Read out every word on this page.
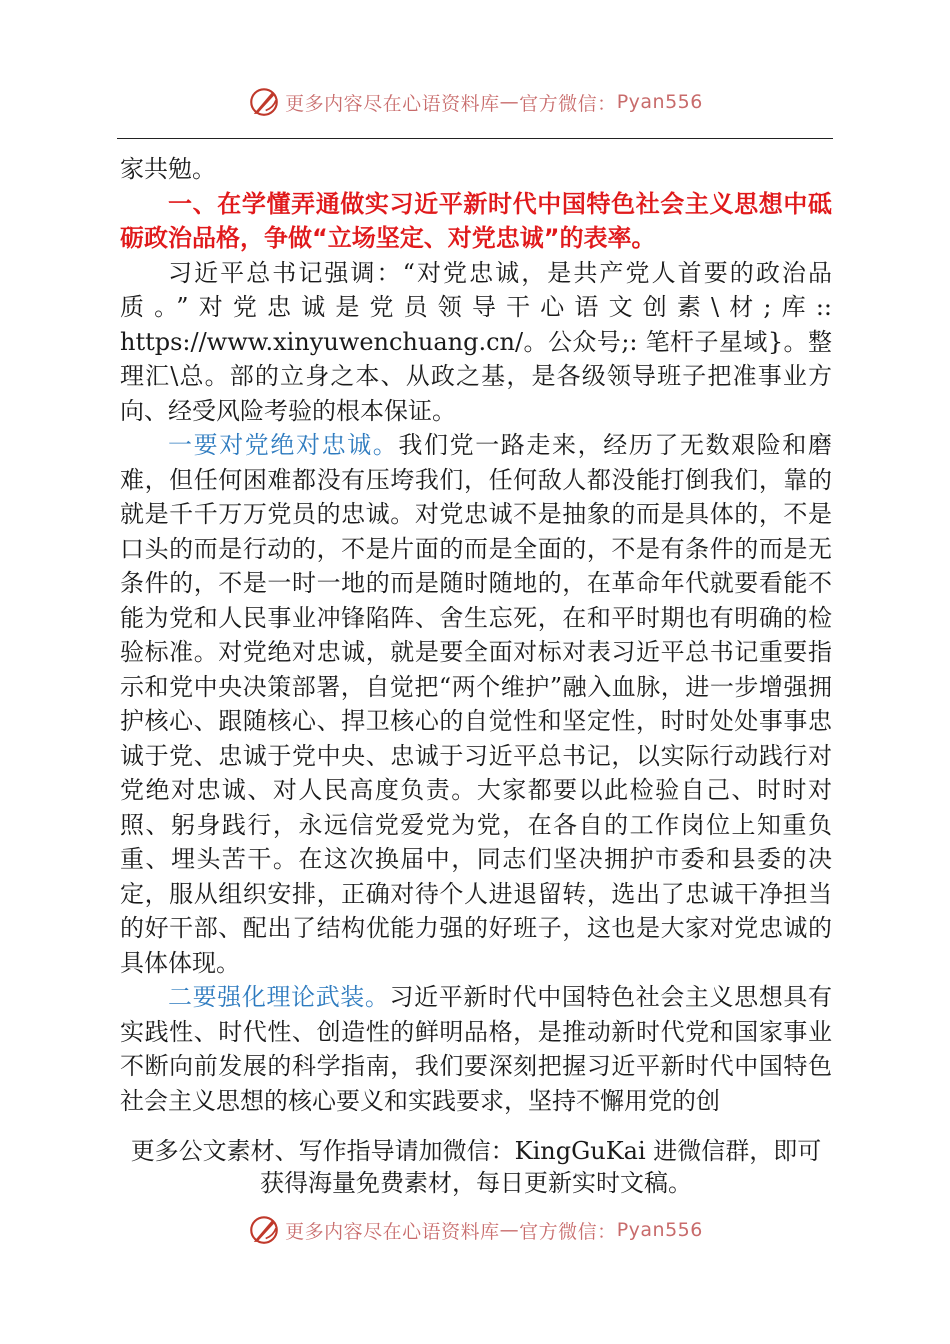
更多内容尽在心语资料库 — 官方微信： Pyan556

家共勉。

一、在学懂弄通做实习近平新时代中国特色社会主义思想中砥砺政治品格，争做“立场坚定、对党忠诚”的表率。

习近平总书记强调：“对党忠诚，是共产党人首要的政治品质。”对党忠诚是党员领导干心语文创素\材;库:: https://www.xinyuwenchuang.cn/。公众号;: 笔杆子星域}。整理汇\总。部的立身之本、从政之基，是各级领导班子把准事业方向、经受风险考验的根本保证。

一要对党绝对忠诚。我们党一路走来，经历了无数艰险和磨难，但任何困难都没有压垮我们，任何敌人都没能打倒我们，靠的就是千千万万党员的忠诚。对党忠诚不是抽象的而是具体的，不是口头的而是行动的，不是片面的而是全面的，不是有条件的而是无条件的，不是一时一地的而是随时随地的，在革命年代就要看能不能为党和人民事业冲锋陷阵、舍生忘死，在和平时期也有明确的检验标准。对党绝对忠诚，就是要全面对标对表习近平总书记重要指示和党中央决策部署，自觉把“两个维护”融入血脉，进一步增强拥护核心、跟随核心、捍卫核心的自觉性和坚定性，时时处处事事忠诚于党、忠诚于党中央、忠诚于习近平总书记，以实际行动践行对党绝对忠诚、对人民高度负责。大家都要以此检验自己、时时对照、躬身践行，永远信党爱党为党，在各自的工作岗位上知重负重、埋头苦干。在这次换届中，同志们坚决拥护市委和县委的决定，服从组织安排，正确对待个人进退留转，选出了忠诚干净担当的好干部、配出了结构优能力强的好班子，这也是大家对党忠诚的具体体现。

二要强化理论武装。习近平新时代中国特色社会主义思想具有实践性、时代性、创造性的鲜明品格，是推动新时代党和国家事业不断向前发展的科学指南，我们要深刻把握习近平新时代中国特色社会主义思想的核心要义和实践要求，坚持不懈用党的创

更多公文素材、写作指导请加微信：KingGuKai 进微信群，即可获得海量免费素材，每日更新实时文稿。
更多内容尽在心语资料库 — 官方微信： Pyan556
